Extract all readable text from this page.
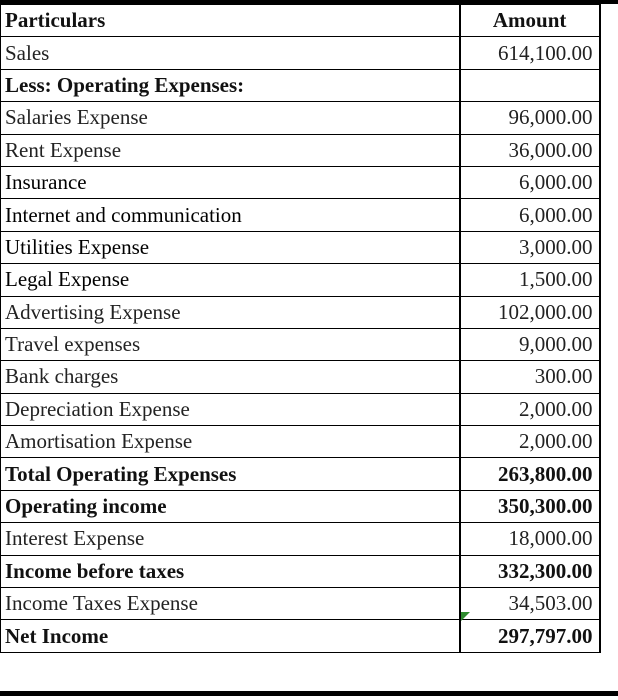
Particulars	Amount	
Sales	614,100.00	
Less: Operating Expenses:		
Salaries Expense	96,000.00	
Rent Expense	36,000.00	
Insurance	6,000.00	
Internet and communication	6,000.00	
Utilities Expense	3,000.00	
Legal Expense	1,500.00	
Advertising Expense	102,000.00	
Travel expenses	9,000.00	
Bank charges	300.00	
Depreciation Expense	2,000.00	
Amortisation Expense	2,000.00	
Total Operating Expenses	263,800.00	
Operating income	350,300.00	
Interest Expense	18,000.00	
Income before taxes	332,300.00	
Income Taxes Expense	34,503.00	
Net Income	297,797.00	
